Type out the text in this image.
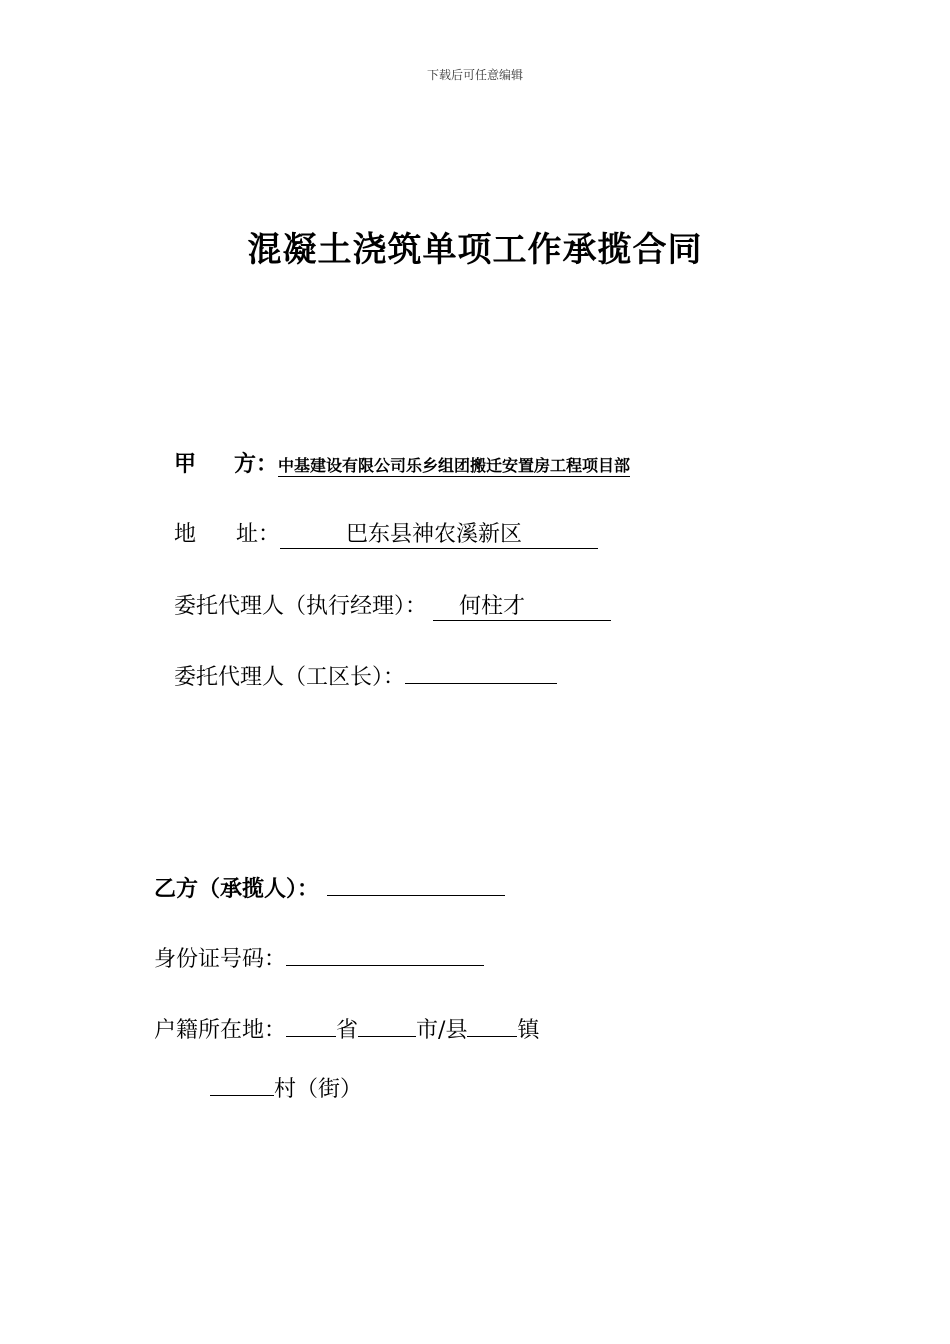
下载后可任意编辑
混凝土浇筑单项工作承揽合同
甲 方： 中基建设有限公司乐乡组团搬迁安置房工程项目部
地 址：	巴东县神农溪新区
委托代理人（执行经理）：	何柱才
委托代理人（工区长）：
乙方（承揽人）：
身份证号码：
户籍所在地： 省	市/县 镇
村（街）
